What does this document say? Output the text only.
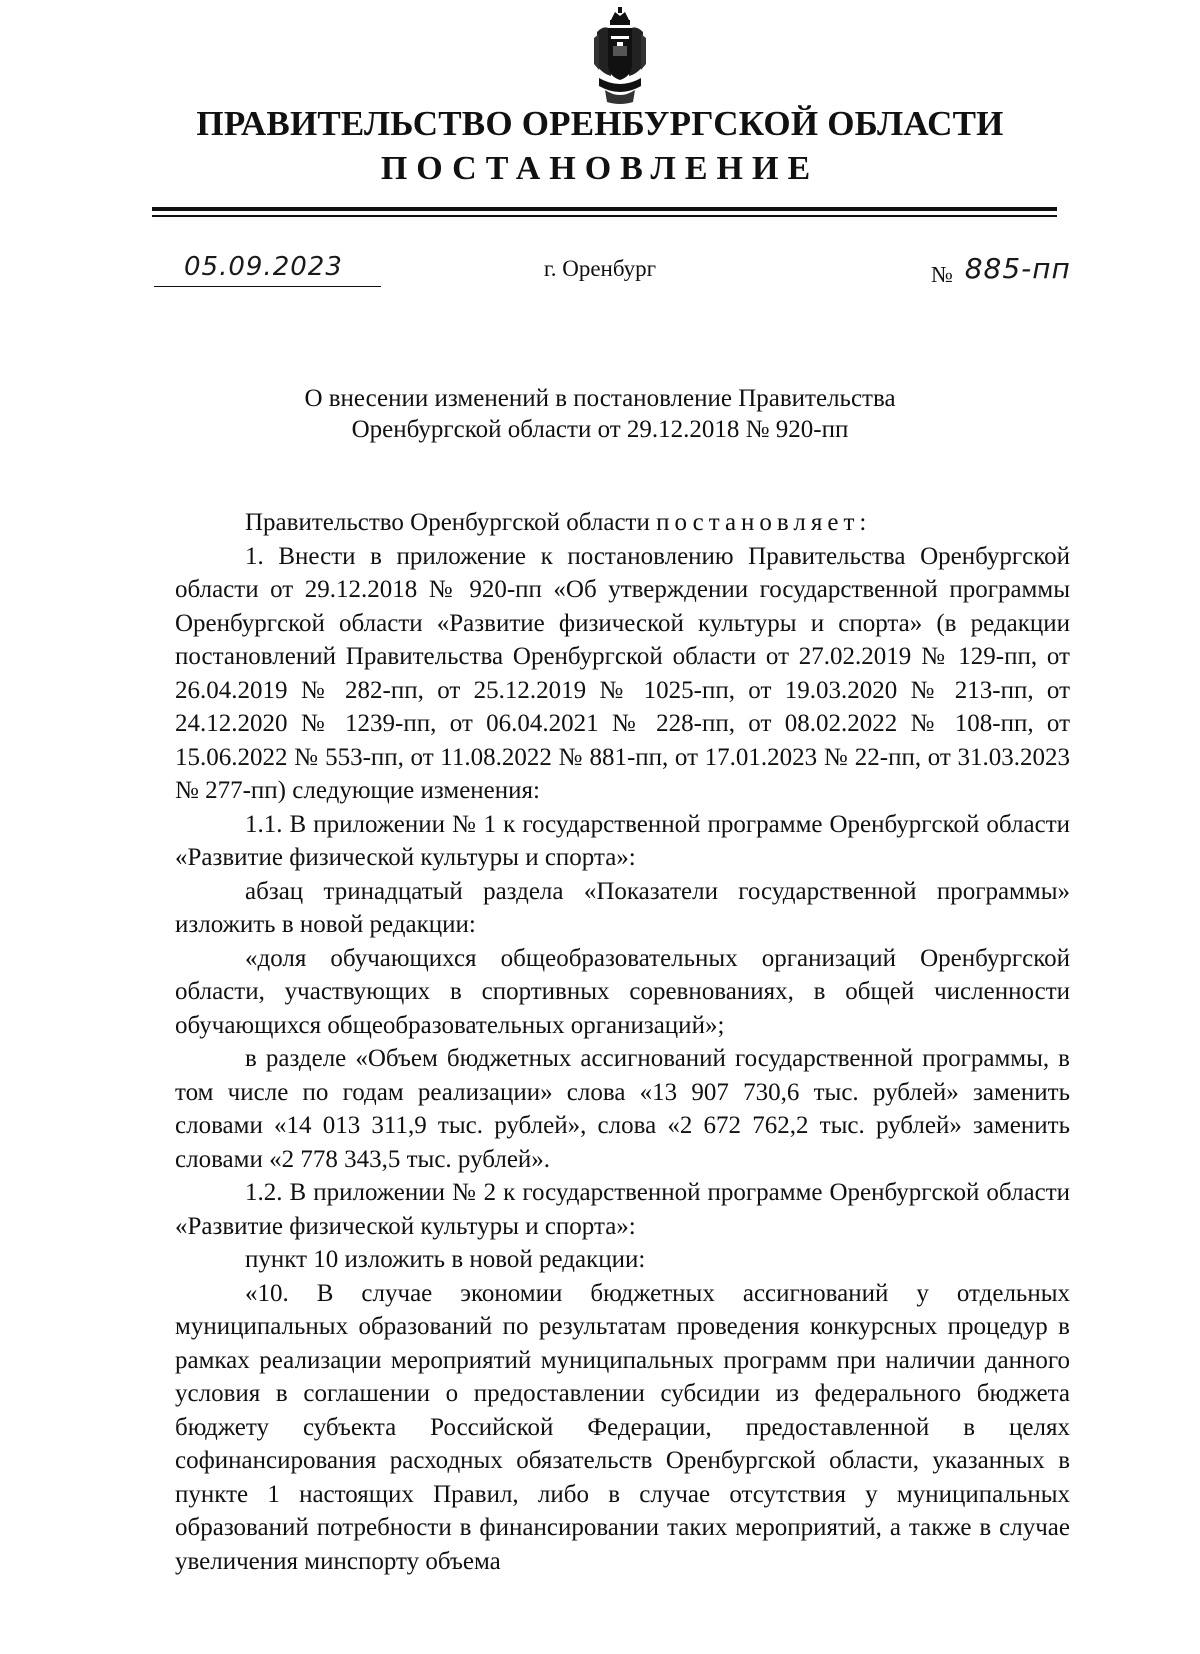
ПРАВИТЕЛЬСТВО ОРЕНБУРГСКОЙ ОБЛАСТИ
ПОСТАНОВЛЕНИЕ
05.09.2023	г. Оренбург	№ 885-пп
О внесении изменений в постановление Правительства
Оренбургской области от 29.12.2018 № 920-пп

Правительство Оренбургской области постановляет:

1. Внести в приложение к постановлению Правительства Оренбургской области от 29.12.2018 № 920-пп «Об утверждении государственной программы Оренбургской области «Развитие физической культуры и спорта» (в редакции постановлений Правительства Оренбургской области от 27.02.2019 № 129-пп, от 26.04.2019 № 282-пп, от 25.12.2019 № 1025-пп, от 19.03.2020 № 213-пп, от 24.12.2020 № 1239-пп, от 06.04.2021 № 228-пп, от 08.02.2022 № 108-пп, от 15.06.2022 № 553-пп, от 11.08.2022 № 881-пп, от 17.01.2023 № 22-пп, от 31.03.2023 № 277-пп) следующие изменения:

1.1. В приложении № 1 к государственной программе Оренбургской области «Развитие физической культуры и спорта»:

абзац тринадцатый раздела «Показатели государственной программы» изложить в новой редакции:

«доля обучающихся общеобразовательных организаций Оренбургской области, участвующих в спортивных соревнованиях, в общей численности обучающихся общеобразовательных организаций»;

в разделе «Объем бюджетных ассигнований государственной программы, в том числе по годам реализации» слова «13 907 730,6 тыс. рублей» заменить словами «14 013 311,9 тыс. рублей», слова «2 672 762,2 тыс. рублей» заменить словами «2 778 343,5 тыс. рублей».

1.2. В приложении № 2 к государственной программе Оренбургской области «Развитие физической культуры и спорта»:

пункт 10 изложить в новой редакции:

«10. В случае экономии бюджетных ассигнований у отдельных муниципальных образований по результатам проведения конкурсных процедур в рамках реализации мероприятий муниципальных программ при наличии данного условия в соглашении о предоставлении субсидии из федерального бюджета бюджету субъекта Российской Федерации, предоставленной в целях софинансирования расходных обязательств Оренбургской области, указанных в пункте 1 настоящих Правил, либо в случае отсутствия у муниципальных образований потребности в финансировании таких мероприятий, а также в случае увеличения минспорту объема
